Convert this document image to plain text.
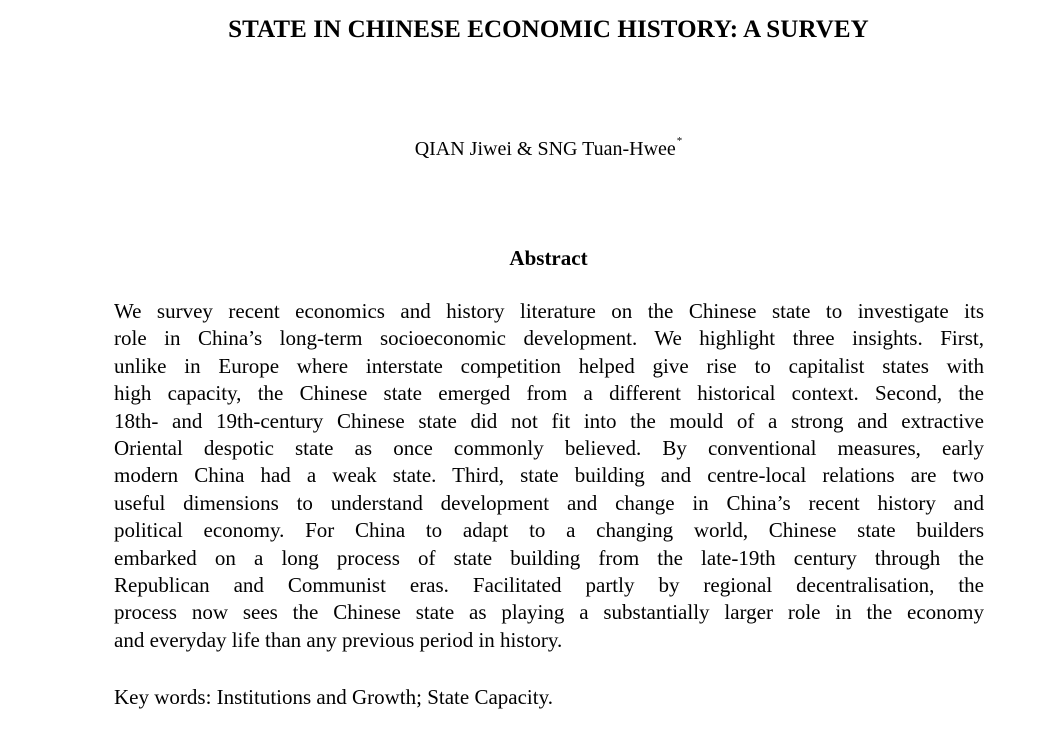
STATE IN CHINESE ECONOMIC HISTORY: A SURVEY
QIAN Jiwei & SNG Tuan-Hwee*
Abstract
We survey recent economics and history literature on the Chinese state to investigate its
role in China’s long-term socioeconomic development. We highlight three insights. First,
unlike in Europe where interstate competition helped give rise to capitalist states with
high capacity, the Chinese state emerged from a different historical context. Second, the
18th- and 19th-century Chinese state did not fit into the mould of a strong and extractive
Oriental despotic state as once commonly believed. By conventional measures, early
modern China had a weak state. Third, state building and centre-local relations are two
useful dimensions to understand development and change in China’s recent history and
political economy. For China to adapt to a changing world, Chinese state builders
embarked on a long process of state building from the late-19th century through the
Republican and Communist eras. Facilitated partly by regional decentralisation, the
process now sees the Chinese state as playing a substantially larger role in the economy
and everyday life than any previous period in history.
Key words: Institutions and Growth; State Capacity.
